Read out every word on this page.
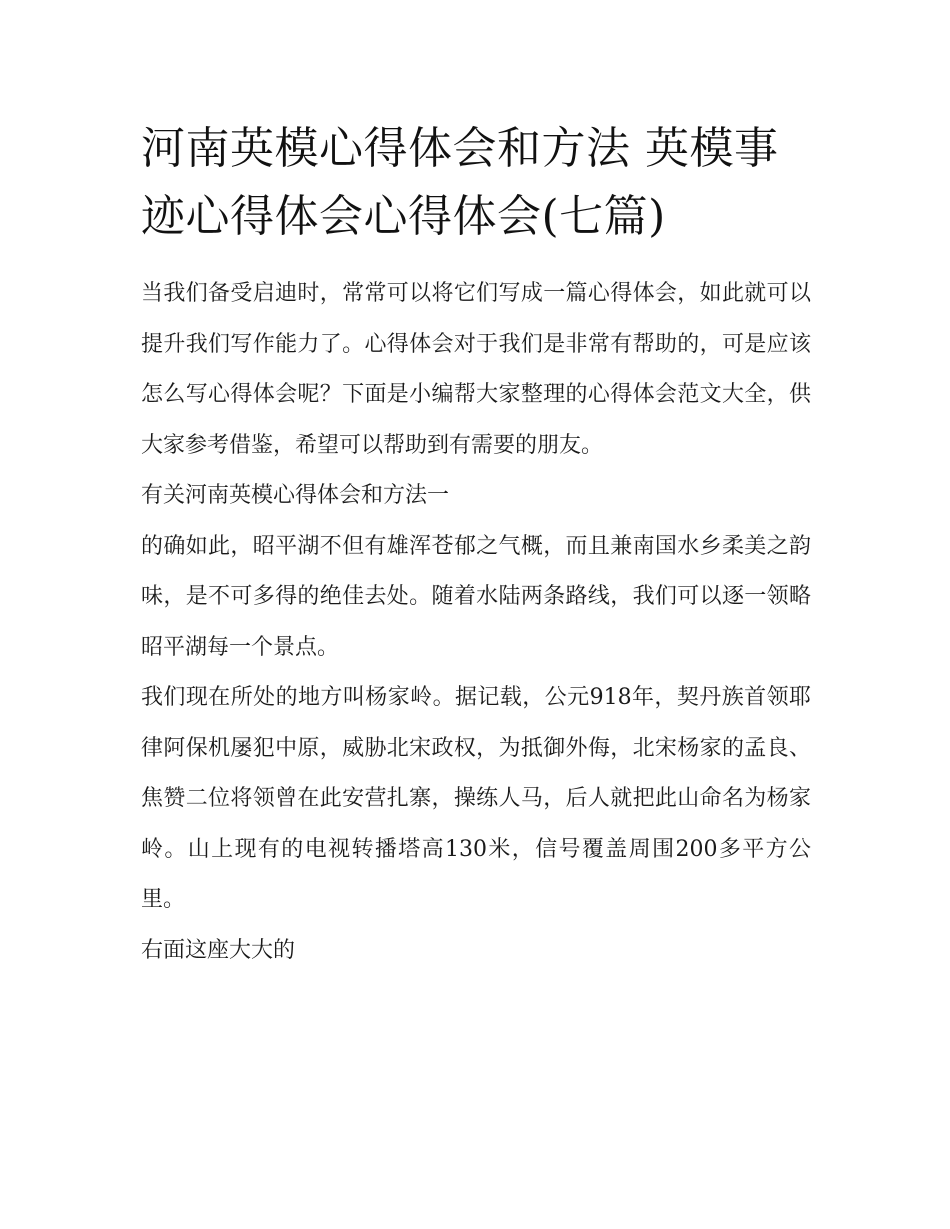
河南英模心得体会和方法 英模事迹心得体会心得体会(七篇)

当我们备受启迪时，常常可以将它们写成一篇心得体会，如此就可以提升我们写作能力了。心得体会对于我们是非常有帮助的，可是应该怎么写心得体会呢？下面是小编帮大家整理的心得体会范文大全，供大家参考借鉴，希望可以帮助到有需要的朋友。

有关河南英模心得体会和方法一

的确如此，昭平湖不但有雄浑苍郁之气概，而且兼南国水乡柔美之韵味，是不可多得的绝佳去处。随着水陆两条路线，我们可以逐一领略昭平湖每一个景点。

我们现在所处的地方叫杨家岭。据记载，公元918年，契丹族首领耶律阿保机屡犯中原，威胁北宋政权，为抵御外侮，北宋杨家的孟良、焦赞二位将领曾在此安营扎寨，操练人马，后人就把此山命名为杨家岭。山上现有的电视转播塔高130米，信号覆盖周围200多平方公里。

右面这座大大的
